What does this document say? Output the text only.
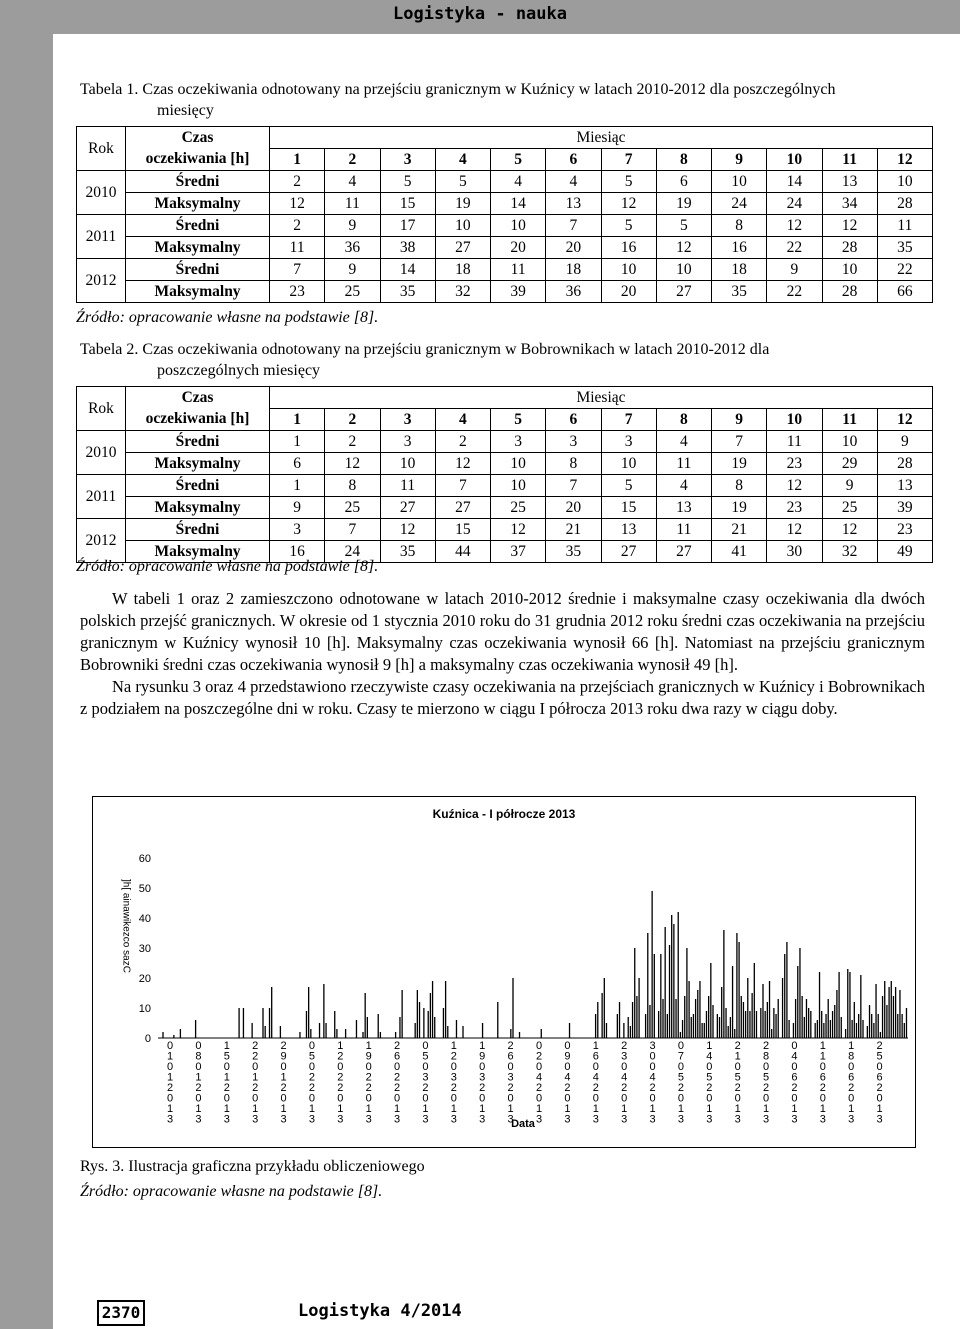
Logistyka - nauka
Tabela 1. Czas oczekiwania odnotowany na przejściu granicznym w Kuźnicy w latach 2010-2012 dla poszczególnych
miesięcy
Rok	Czas	Miesiąc											
	oczekiwania [h]	1	2	3	4	5	6	7	8	9	10	11	12
2010	Średni	2	4	5	5	4	4	5	6	10	14	13	10
	Maksymalny	12	11	15	19	14	13	12	19	24	24	34	28
2011	Średni	2	9	17	10	10	7	5	5	8	12	12	11
	Maksymalny	11	36	38	27	20	20	16	12	16	22	28	35
2012	Średni	7	9	14	18	11	18	10	10	18	9	10	22
	Maksymalny	23	25	35	32	39	36	20	27	35	22	28	66
Źródło: opracowanie własne na podstawie [8].
Tabela 2. Czas oczekiwania odnotowany na przejściu granicznym w Bobrownikach w latach 2010-2012 dla
poszczególnych miesięcy
Rok	Czas	Miesiąc											
	oczekiwania [h]	1	2	3	4	5	6	7	8	9	10	11	12
2010	Średni	1	2	3	2	3	3	3	4	7	11	10	9
	Maksymalny	6	12	10	12	10	8	10	11	19	23	29	28
2011	Średni	1	8	11	7	10	7	5	4	8	12	9	13
	Maksymalny	9	25	27	27	25	20	15	13	19	23	25	39
2012	Średni	3	7	12	15	12	21	13	11	21	12	12	23
	Maksymalny	16	24	35	44	37	35	27	27	41	30	32	49
Źródło: opracowanie własne na podstawie [8].

W tabeli 1 oraz 2 zamieszczono odnotowane w latach 2010-2012 średnie i maksymalne czasy oczekiwania dla dwóch polskich przejść granicznych. W okresie od 1 stycznia 2010 roku do 31 grudnia 2012 roku średni czas oczekiwania na przejściu granicznym w Kuźnicy wynosił 10 [h]. Maksymalny czas oczekiwania wynosił 66 [h]. Natomiast na przejściu granicznym Bobrowniki średni czas oczekiwania wynosił 9 [h] a maksymalny czas oczekiwania wynosił 49 [h].

Na rysunku 3 oraz 4 przedstawiono rzeczywiste czasy oczekiwania na przejściach granicznych w Kuźnicy i Bobrownikach z podziałem na poszczególne dni w roku. Czasy te mierzono w ciągu I półrocza 2013 roku dwa razy w ciągu doby.

Kuźnica - I półrocze 2013
0
10
20
30
40
50
60
]h[ ainawikezco sazC
0 1 0 1 2 0 1 3
0 8 0 1 2 0 1 3
1 5 0 1 2 0 1 3
2 2 0 1 2 0 1 3
2 9 0 1 2 0 1 3
0 5 0 2 2 0 1 3
1 2 0 2 2 0 1 3
1 9 0 2 2 0 1 3
2 6 0 2 2 0 1 3
0 5 0 3 2 0 1 3
1 2 0 3 2 0 1 3
1 9 0 3 2 0 1 3
2 6 0 3 2 0 1 3
0 2 0 4 2 0 1 3
0 9 0 4 2 0 1 3
1 6 0 4 2 0 1 3
2 3 0 4 2 0 1 3
3 0 0 4 2 0 1 3
0 7 0 5 2 0 1 3
1 4 0 5 2 0 1 3
2 1 0 5 2 0 1 3
2 8 0 5 2 0 1 3
0 4 0 6 2 0 1 3
1 1 0 6 2 0 1 3
1 8 0 6 2 0 1 3
2 5 0 6 2 0 1 3
Data
Rys. 3. Ilustracja graficzna przykładu obliczeniowego
Źródło: opracowanie własne na podstawie [8].
2370	Logistyka 4/2014
